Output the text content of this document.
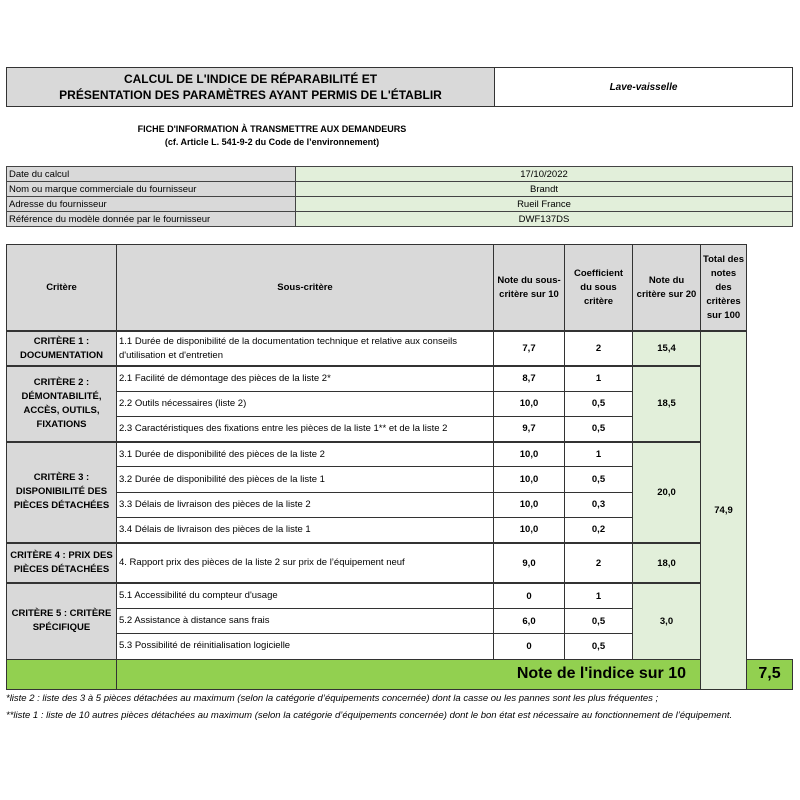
CALCUL DE L'INDICE DE RÉPARABILITÉ ET
PRÉSENTATION DES PARAMÈTRES AYANT PERMIS DE L'ÉTABLIR
	Lave-vaisselle
FICHE D'INFORMATION À TRANSMETTRE AUX DEMANDEURS
(cf. Article L. 541-9-2 du Code de l’environnement)
Date du calcul	17/10/2022
Nom ou marque commerciale du fournisseur	Brandt
Adresse du fournisseur	Rueil France
Référence du modèle donnée par le fournisseur	DWF137DS
Critère	Sous-critère	Note du sous-critère sur 10	Coefficient du sous critère	Note du critère sur 20	Total des notes des critères sur 100	
CRITÈRE 1 : DOCUMENTATION	1.1 Durée de disponibilité de la documentation technique et relative aux conseils d'utilisation et d'entretien	7,7	2	15,4	74,9	
CRITÈRE 2 : DÉMONTABILITÉ, ACCÈS, OUTILS, FIXATIONS	2.1 Facilité de démontage des pièces de la liste 2*	8,7	1	18,5		
	2.2 Outils nécessaires (liste 2)	10,0	0,5			
	2.3 Caractéristiques des fixations entre les pièces de la liste 1** et de la liste 2	9,7	0,5			
CRITÈRE 3 : DISPONIBILITÉ DES PIÈCES DÉTACHÉES	3.1 Durée de disponibilité des pièces de la liste 2	10,0	1	20,0		
	3.2 Durée de disponibilité des pièces de la liste 1	10,0	0,5			
	3.3 Délais de livraison des pièces de la liste 2	10,0	0,3			
	3.4 Délais de livraison des pièces de la liste 1	10,0	0,2			
CRITÈRE 4 : PRIX DES PIÈCES DÉTACHÉES	4. Rapport prix des pièces de la liste 2 sur prix de l’équipement neuf	9,0	2	18,0		
CRITÈRE 5 : CRITÈRE SPÉCIFIQUE	5.1 Accessibilité du compteur d'usage	0	1	3,0		
	5.2 Assistance à distance sans frais	6,0	0,5			
	5.3 Possibilité de réinitialisation logicielle	0	0,5			
	Note de l'indice sur 10					7,5
*liste 2 : liste des 3 à 5 pièces détachées au maximum (selon la catégorie d’équipements concernée) dont la casse ou les pannes sont les plus fréquentes ;
**liste 1 : liste de 10 autres pièces détachées au maximum (selon la catégorie d’équipements concernée) dont le bon état est nécessaire au fonctionnement de l’équipement.
